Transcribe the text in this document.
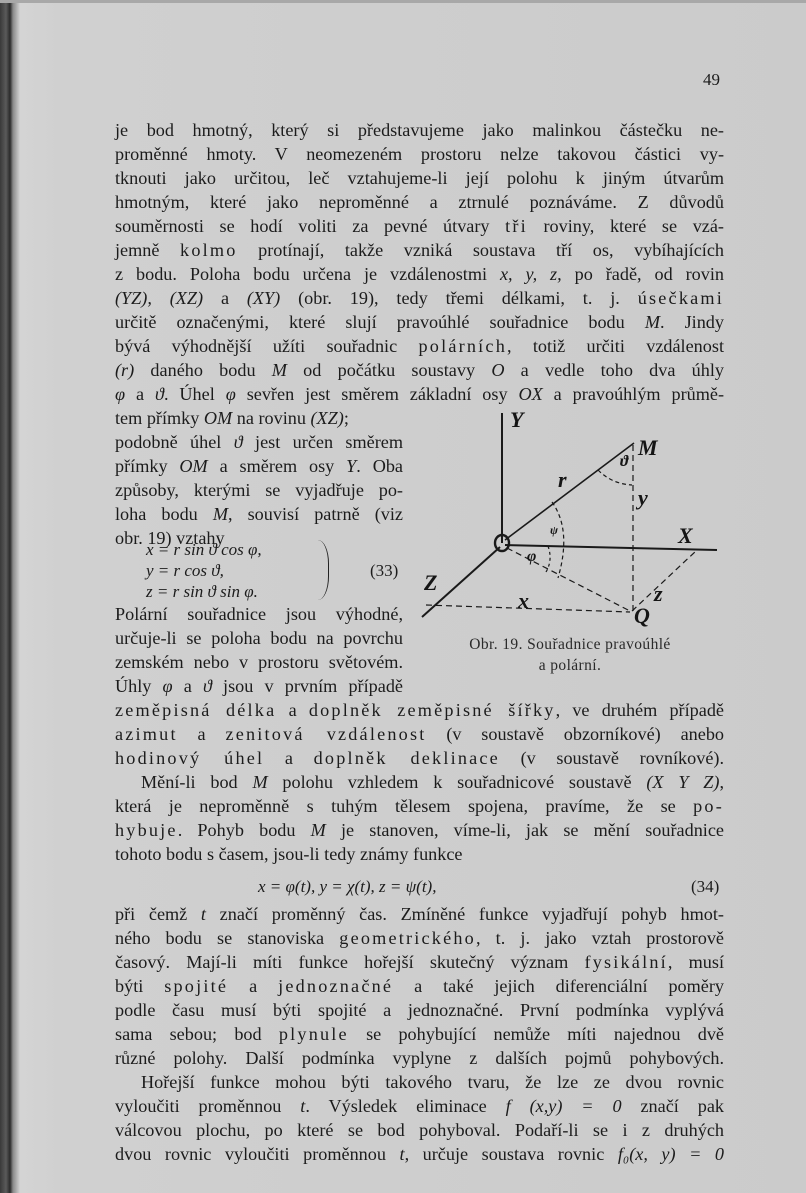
49
je bod hmotný, který si představujeme jako malinkou částečku ne-
proměnné hmoty. V neomezeném prostoru nelze takovou částici vy-
tknouti jako určitou, leč vztahujeme-li její polohu k jiným útvarům
hmotným, které jako neproměnné a ztrnulé poznáváme. Z důvodů
souměrnosti se hodí voliti za pevné útvary tři roviny, které se vzá-
jemně kolmo protínají, takže vzniká soustava tří os, vybíhajících
z bodu. Poloha bodu určena je vzdálenostmi x, y, z, po řadě, od rovin
(YZ), (XZ) a (XY) (obr. 19), tedy třemi délkami, t. j. úsečkami
určitě označenými, které slují pravoúhlé souřadnice bodu M. Jindy
bývá výhodnější užíti souřadnic polárních, totiž určiti vzdálenost
(r) daného bodu M od počátku soustavy O a vedle toho dva úhly
φ a ϑ. Úhel φ sevřen jest směrem základní osy OX a pravoúhlým průmě-
tem přímky OM na rovinu (XZ);
podobně úhel ϑ jest určen směrem
přímky OM a směrem osy Y. Oba
způsoby, kterými se vyjadřuje po-
loha bodu M, souvisí patrně (viz
obr. 19) vztahy
x = r sin ϑ cos φ,
y = r cos ϑ,
z = r sin ϑ sin φ.
(33)
Polární souřadnice jsou výhodné,
určuje-li se poloha bodu na povrchu
zemském nebo v prostoru světovém.
Úhly φ a ϑ jsou v prvním případě
Y
M
ϑ
r
y
ψ	X
φ
Z	z
x
Q
Obr. 19. Souřadnice pravoúhlé
a polární.
zeměpisná délka a doplněk zeměpisné šířky, ve druhém případě
azimut a zenitová vzdálenost (v soustavě obzorníkové) anebo
hodinový úhel a doplněk deklinace (v soustavě rovníkové).
Mění-li bod M polohu vzhledem k souřadnicové soustavě (X Y Z),
která je neproměnně s tuhým tělesem spojena, pravíme, že se po-
hybuje. Pohyb bodu M je stanoven, víme-li, jak se mění souřadnice
tohoto bodu s časem, jsou-li tedy známy funkce
x = φ(t), y = χ(t), z = ψ(t),	(34)
při čemž t značí proměnný čas. Zmíněné funkce vyjadřují pohyb hmot-
ného bodu se stanoviska geometrického, t. j. jako vztah prostorově
časový. Mají-li míti funkce hořejší skutečný význam fysikální, musí
býti spojité a jednoznačné a také jejich diferenciální poměry
podle času musí býti spojité a jednoznačné. První podmínka vyplývá
sama sebou; bod plynule se pohybující nemůže míti najednou dvě
různé polohy. Další podmínka vyplyne z dalších pojmů pohybových.
Hořejší funkce mohou býti takového tvaru, že lze ze dvou rovnic
vyloučiti proměnnou t. Výsledek eliminace f (x,y) = 0 značí pak
válcovou plochu, po které se bod pohyboval. Podaří-li se i z druhých
dvou rovnic vyloučiti proměnnou t, určuje soustava rovnic f₀(x, y) = 0
